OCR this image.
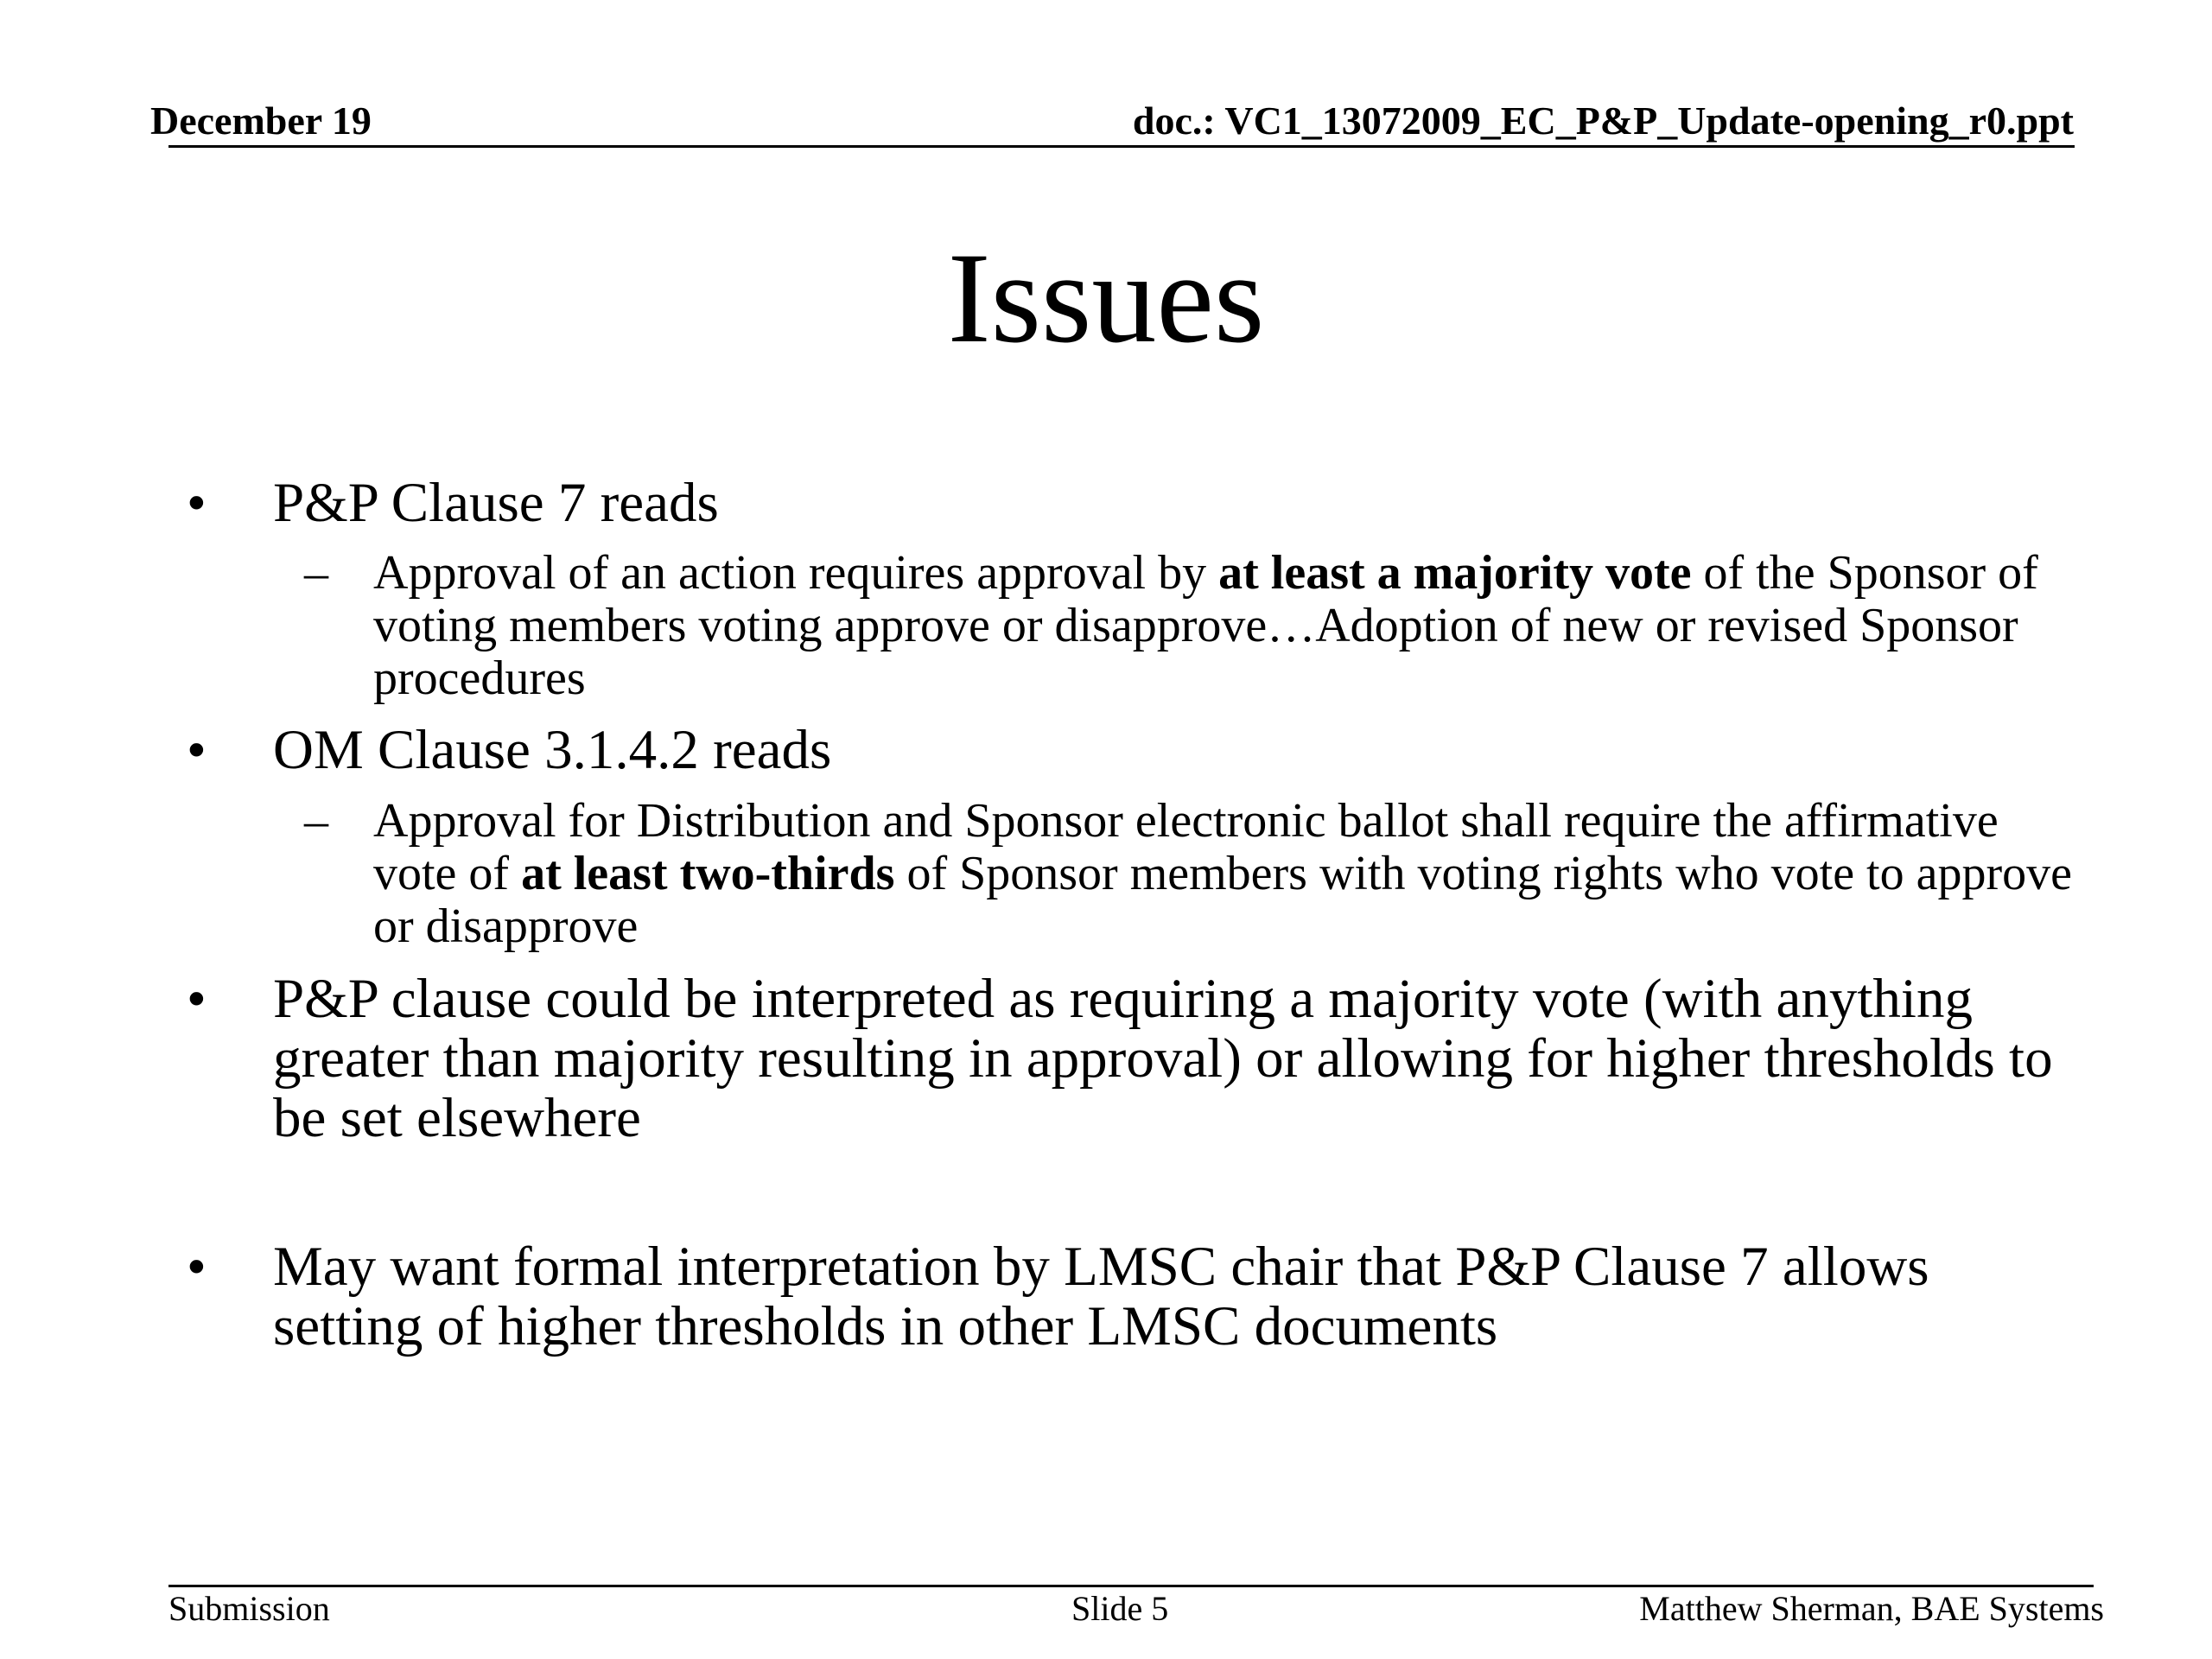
December 19	doc.: VC1_13072009_EC_P&P_Update-opening_r0.ppt
Issues
• P&P Clause 7 reads
– Approval of an action requires approval by at least a majority vote of the Sponsor of voting members voting approve or disapprove…Adoption of new or revised Sponsor procedures
• OM Clause 3.1.4.2 reads
– Approval for Distribution and Sponsor electronic ballot shall require the affirmative vote of at least two-thirds of Sponsor members with voting rights who vote to approve or disapprove
• P&P clause could be interpreted as requiring a majority vote (with anything greater than majority resulting in approval) or allowing for higher thresholds to be set elsewhere
• May want formal interpretation by LMSC chair that P&P Clause 7 allows setting of higher thresholds in other LMSC documents
Submission	Slide 5	Matthew Sherman, BAE Systems
